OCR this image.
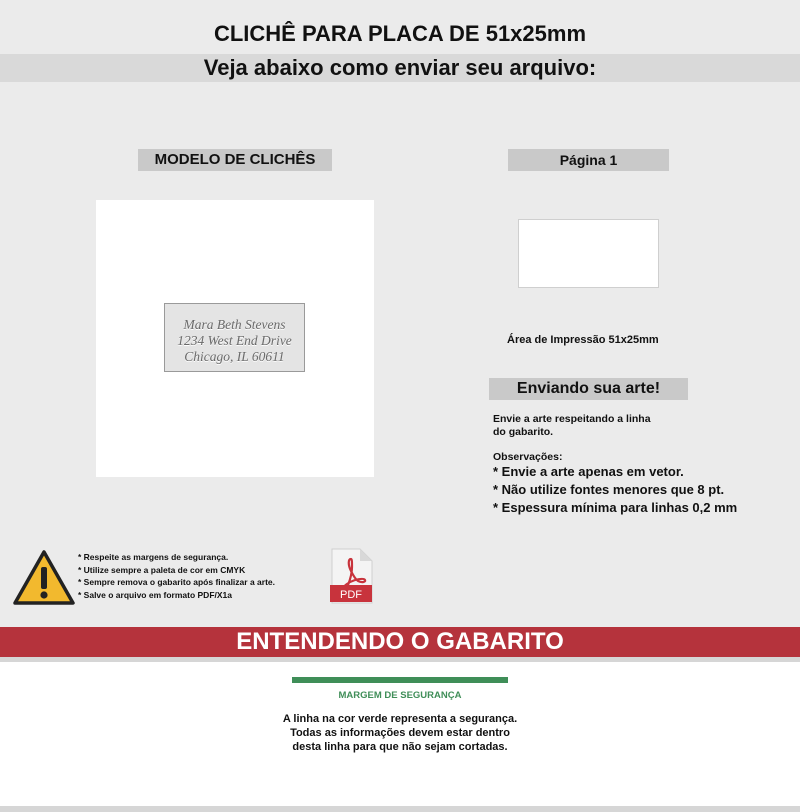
CLICHÊ PARA PLACA DE 51x25mm
Veja abaixo como enviar seu arquivo:
MODELO DE CLICHÊS
Mara Beth Stevens
1234 West End Drive
Chicago, IL 60611
Página 1
Área de Impressão 51x25mm
Enviando sua arte!
Envie a arte respeitando a linha
do gabarito.
Observações:
* Envie a arte apenas em vetor.
* Não utilize fontes menores que 8 pt.
* Espessura mínima para linhas 0,2 mm
* Respeite as margens de segurança.
* Utilize sempre a paleta de cor em CMYK
* Sempre remova o gabarito após finalizar a arte.
* Salve o arquivo em formato PDF/X1a	PDF
ENTENDENDO O GABARITO
MARGEM DE SEGURANÇA
A linha na cor verde representa a segurança.
Todas as informações devem estar dentro
desta linha para que não sejam cortadas.
